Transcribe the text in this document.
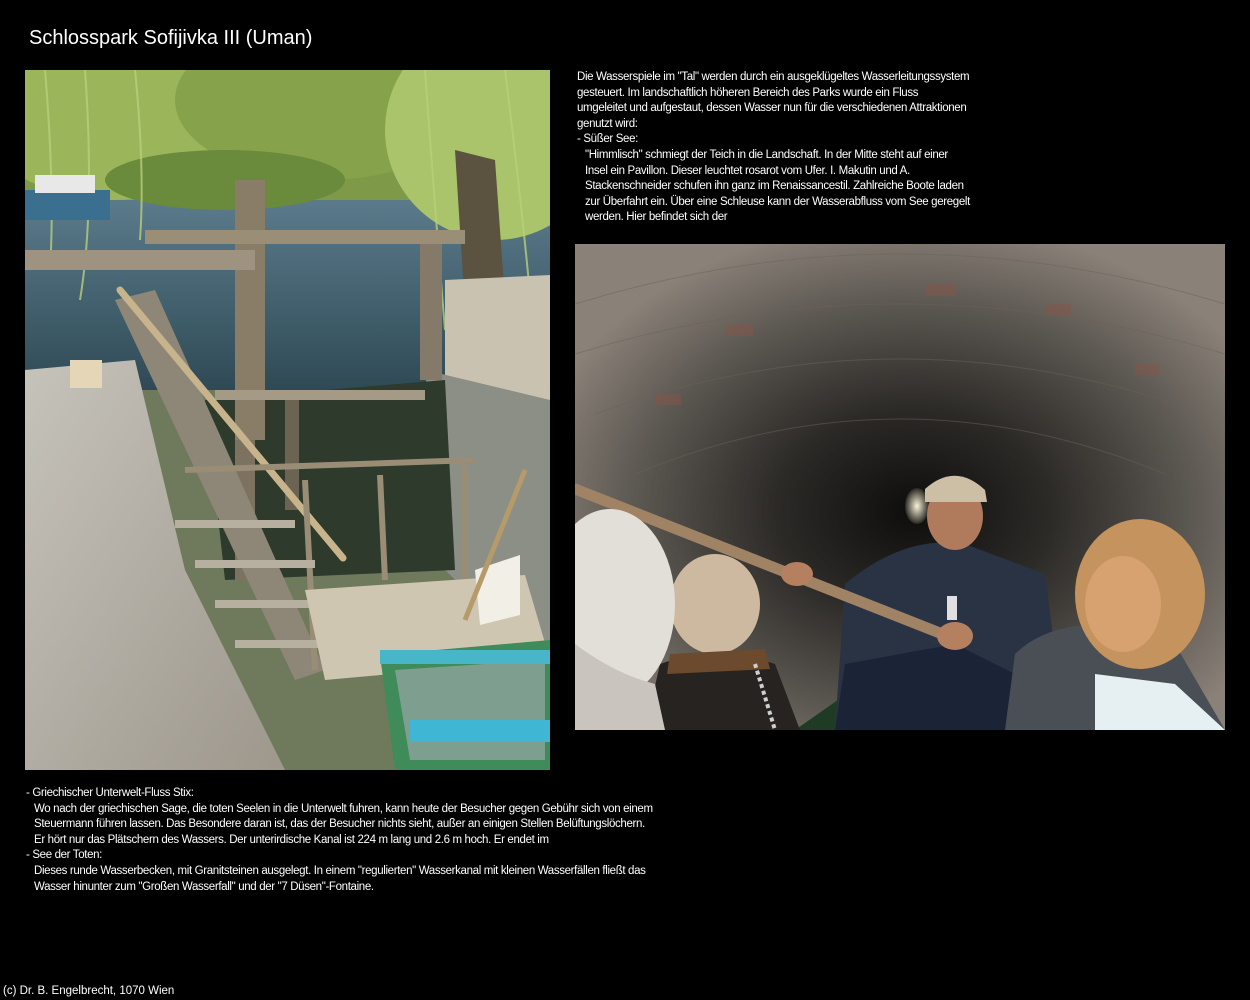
Schlosspark Sofijivka III (Uman)

Die Wasserspiele im "Tal" werden durch ein ausgeklügeltes Wasserleitungssystem

gesteuert. Im landschaftlich höheren Bereich des Parks wurde ein Fluss

umgeleitet und aufgestaut, dessen Wasser nun für die verschiedenen Attraktionen

genutzt wird:

- Süßer See:

"Himmlisch" schmiegt der Teich in die Landschaft. In der Mitte steht auf einer

Insel ein Pavillon. Dieser leuchtet rosarot vom Ufer. I. Makutin und A.

Stackenschneider schufen ihn ganz im Renaissancestil. Zahlreiche Boote laden

zur Überfahrt ein. Über eine Schleuse kann der Wasserabfluss vom See geregelt

werden. Hier befindet sich der

- Griechischer Unterwelt-Fluss Stix:

Wo nach der griechischen Sage, die toten Seelen in die Unterwelt fuhren, kann heute der Besucher gegen Gebühr sich von einem

Steuermann führen lassen. Das Besondere daran ist, das der Besucher nichts sieht, außer an einigen Stellen Belüftungslöchern.

Er hört nur das Plätschern des Wassers. Der unterirdische Kanal ist 224 m lang und 2.6 m hoch. Er endet im

- See der Toten:

Dieses runde Wasserbecken, mit Granitsteinen ausgelegt. In einem "regulierten" Wasserkanal mit kleinen Wasserfällen fließt das

Wasser hinunter zum "Großen Wasserfall" und der "7 Düsen"-Fontaine.

(c) Dr. B. Engelbrecht, 1070 Wien
